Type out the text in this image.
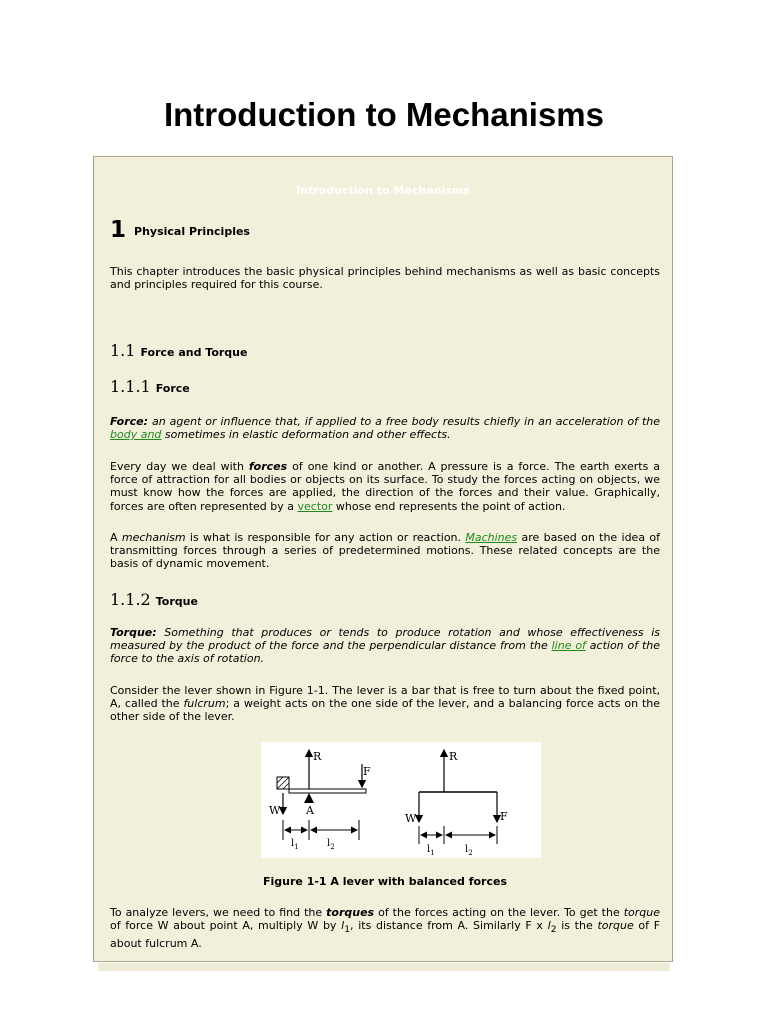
Introduction to Mechanisms
Introduction to Mechanisms
1 Physical Principles

This chapter introduces the basic physical principles behind mechanisms as well as basic concepts and principles required for this course.

1.1 Force and Torque
1.1.1 Force

Force: an agent or influence that, if applied to a free body results chiefly in an acceleration of the body and sometimes in elastic deformation and other effects.

Every day we deal with forces of one kind or another. A pressure is a force. The earth exerts a force of attraction for all bodies or objects on its surface. To study the forces acting on objects, we must know how the forces are applied, the direction of the forces and their value. Graphically, forces are often represented by a vector whose end represents the point of action.

A mechanism is what is responsible for any action or reaction. Machines are based on the idea of transmitting forces through a series of predetermined motions. These related concepts are the basis of dynamic movement.

1.1.2 Torque

Torque: Something that produces or tends to produce rotation and whose effectiveness is measured by the product of the force and the perpendicular distance from the line of action of the force to the axis of rotation.

Consider the lever shown in Figure 1-1. The lever is a bar that is free to turn about the fixed point, A, called the fulcrum; a weight acts on the one side of the lever, and a balancing force acts on the other side of the lever.

R
F
W A
$l_1$	$l_2$
R
W	F
$l_1$	$l_2$

Figure 1-1 A lever with balanced forces

To analyze levers, we need to find the torques of the forces acting on the lever. To get the torque of force W about point A, multiply W by $l_1$, its distance from A. Similarly F x $l_2$ is the torque of F about fulcrum A.
